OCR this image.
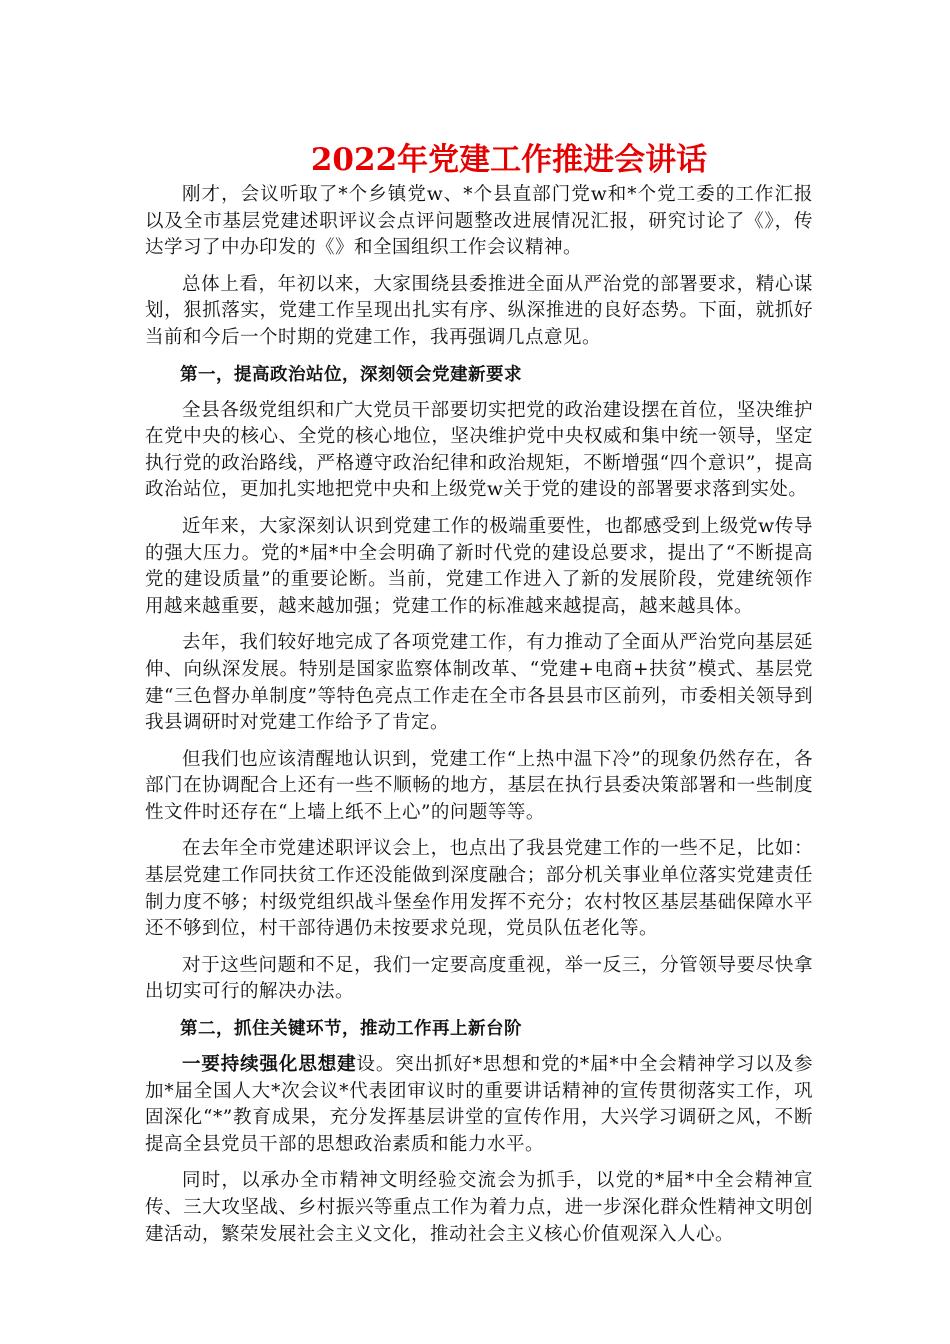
2022年党建工作推进会讲话

刚才，会议听取了*个乡镇党w、*个县直部门党w和*个党工委的工作汇报以及全市基层党建述职评议会点评问题整改进展情况汇报，研究讨论了《》，传达学习了中办印发的《》和全国组织工作会议精神。

总体上看，年初以来，大家围绕县委推进全面从严治党的部署要求，精心谋划，狠抓落实，党建工作呈现出扎实有序、纵深推进的良好态势。下面，就抓好当前和今后一个时期的党建工作，我再强调几点意见。

第一，提高政治站位，深刻领会党建新要求

全县各级党组织和广大党员干部要切实把党的政治建设摆在首位，坚决维护在党中央的核心、全党的核心地位，坚决维护党中央权威和集中统一领导，坚定执行党的政治路线，严格遵守政治纪律和政治规矩，不断增强“四个意识”，提高政治站位，更加扎实地把党中央和上级党w关于党的建设的部署要求落到实处。

近年来，大家深刻认识到党建工作的极端重要性，也都感受到上级党w传导的强大压力。党的*届*中全会明确了新时代党的建设总要求，提出了“不断提高党的建设质量”的重要论断。当前，党建工作进入了新的发展阶段，党建统领作用越来越重要，越来越加强；党建工作的标准越来越提高，越来越具体。

去年，我们较好地完成了各项党建工作，有力推动了全面从严治党向基层延伸、向纵深发展。特别是国家监察体制改革、“党建+电商+扶贫”模式、基层党建“三色督办单制度”等特色亮点工作走在全市各县县市区前列，市委相关领导到我县调研时对党建工作给予了肯定。

但我们也应该清醒地认识到，党建工作“上热中温下冷”的现象仍然存在，各部门在协调配合上还有一些不顺畅的地方，基层在执行县委决策部署和一些制度性文件时还存在“上墙上纸不上心”的问题等等。

在去年全市党建述职评议会上，也点出了我县党建工作的一些不足，比如：基层党建工作同扶贫工作还没能做到深度融合；部分机关事业单位落实党建责任制力度不够；村级党组织战斗堡垒作用发挥不充分；农村牧区基层基础保障水平还不够到位，村干部待遇仍未按要求兑现，党员队伍老化等。

对于这些问题和不足，我们一定要高度重视，举一反三，分管领导要尽快拿出切实可行的解决办法。

第二，抓住关键环节，推动工作再上新台阶

一要持续强化思想建设。突出抓好*思想和党的*届*中全会精神学习以及参加*届全国人大*次会议*代表团审议时的重要讲话精神的宣传贯彻落实工作，巩固深化“*”教育成果，充分发挥基层讲堂的宣传作用，大兴学习调研之风，不断提高全县党员干部的思想政治素质和能力水平。

同时，以承办全市精神文明经验交流会为抓手，以党的*届*中全会精神宣传、三大攻坚战、乡村振兴等重点工作为着力点，进一步深化群众性精神文明创建活动，繁荣发展社会主义文化，推动社会主义核心价值观深入人心。
